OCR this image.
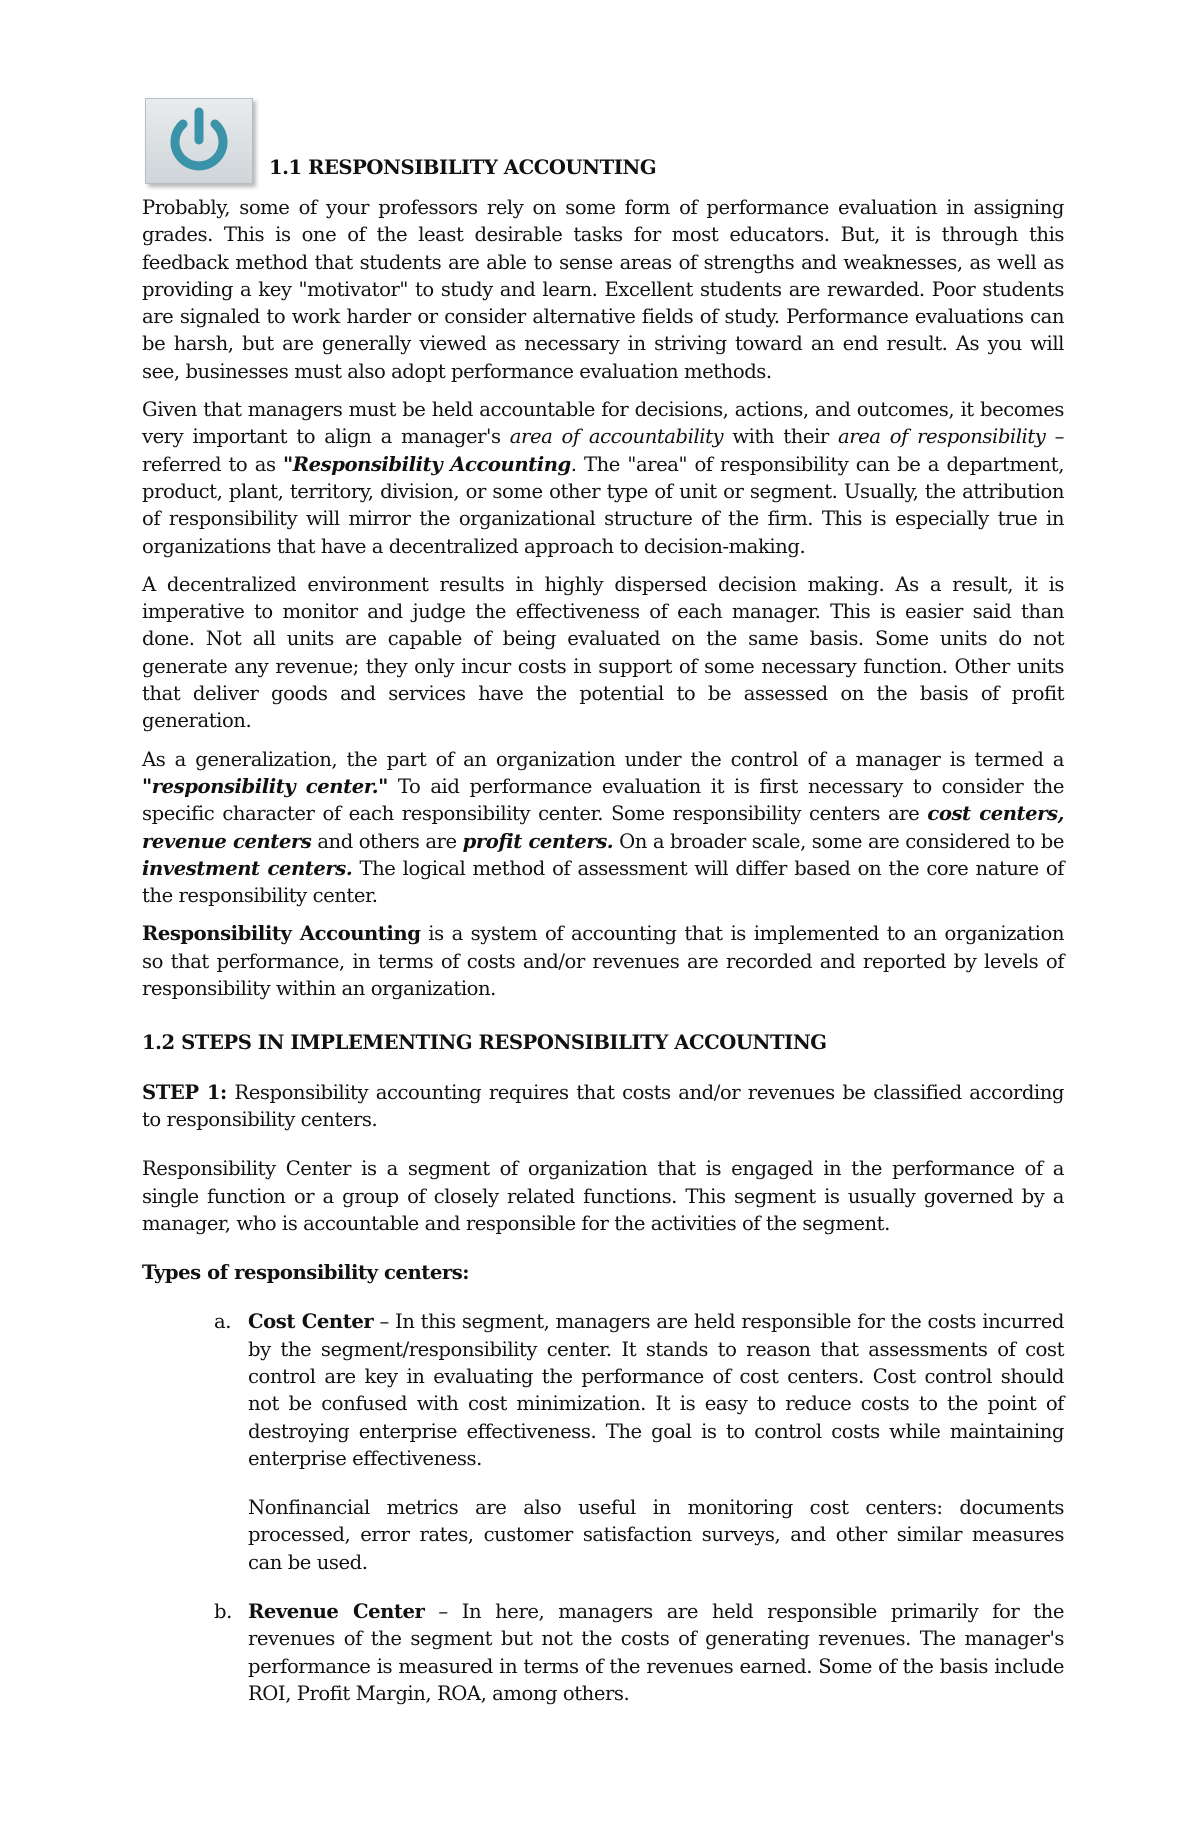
1.1 RESPONSIBILITY ACCOUNTING

Probably, some of your professors rely on some form of performance evaluation in assigning grades. This is one of the least desirable tasks for most educators. But, it is through this feedback method that students are able to sense areas of strengths and weaknesses, as well as providing a key "motivator" to study and learn. Excellent students are rewarded. Poor students are signaled to work harder or consider alternative fields of study. Performance evaluations can be harsh, but are generally viewed as necessary in striving toward an end result. As you will see, businesses must also adopt performance evaluation methods.

Given that managers must be held accountable for decisions, actions, and outcomes, it becomes very important to align a manager's area of accountability with their area of responsibility – referred to as "Responsibility Accounting. The "area" of responsibility can be a department, product, plant, territory, division, or some other type of unit or segment. Usually, the attribution of responsibility will mirror the organizational structure of the firm. This is especially true in organizations that have a decentralized approach to decision-making.

A decentralized environment results in highly dispersed decision making. As a result, it is imperative to monitor and judge the effectiveness of each manager. This is easier said than done. Not all units are capable of being evaluated on the same basis. Some units do not generate any revenue; they only incur costs in support of some necessary function. Other units that deliver goods and services have the potential to be assessed on the basis of profit generation.

As a generalization, the part of an organization under the control of a manager is termed a "responsibility center." To aid performance evaluation it is first necessary to consider the specific character of each responsibility center. Some responsibility centers are cost centers, revenue centers and others are profit centers. On a broader scale, some are considered to be investment centers. The logical method of assessment will differ based on the core nature of the responsibility center.

Responsibility Accounting is a system of accounting that is implemented to an organization so that performance, in terms of costs and/or revenues are recorded and reported by levels of responsibility within an organization.

1.2 STEPS IN IMPLEMENTING RESPONSIBILITY ACCOUNTING

STEP 1: Responsibility accounting requires that costs and/or revenues be classified according to responsibility centers.

Responsibility Center is a segment of organization that is engaged in the performance of a single function or a group of closely related functions. This segment is usually governed by a manager, who is accountable and responsible for the activities of the segment.

Types of responsibility centers:
a. Cost Center – In this segment, managers are held responsible for the costs incurred by the segment/responsibility center. It stands to reason that assessments of cost control are key in evaluating the performance of cost centers. Cost control should not be confused with cost minimization. It is easy to reduce costs to the point of destroying enterprise effectiveness. The goal is to control costs while maintaining enterprise effectiveness.

Nonfinancial metrics are also useful in monitoring cost centers: documents processed, error rates, customer satisfaction surveys, and other similar measures can be used.

b. Revenue Center – In here, managers are held responsible primarily for the revenues of the segment but not the costs of generating revenues. The manager's performance is measured in terms of the revenues earned. Some of the basis include ROI, Profit Margin, ROA, among others.
